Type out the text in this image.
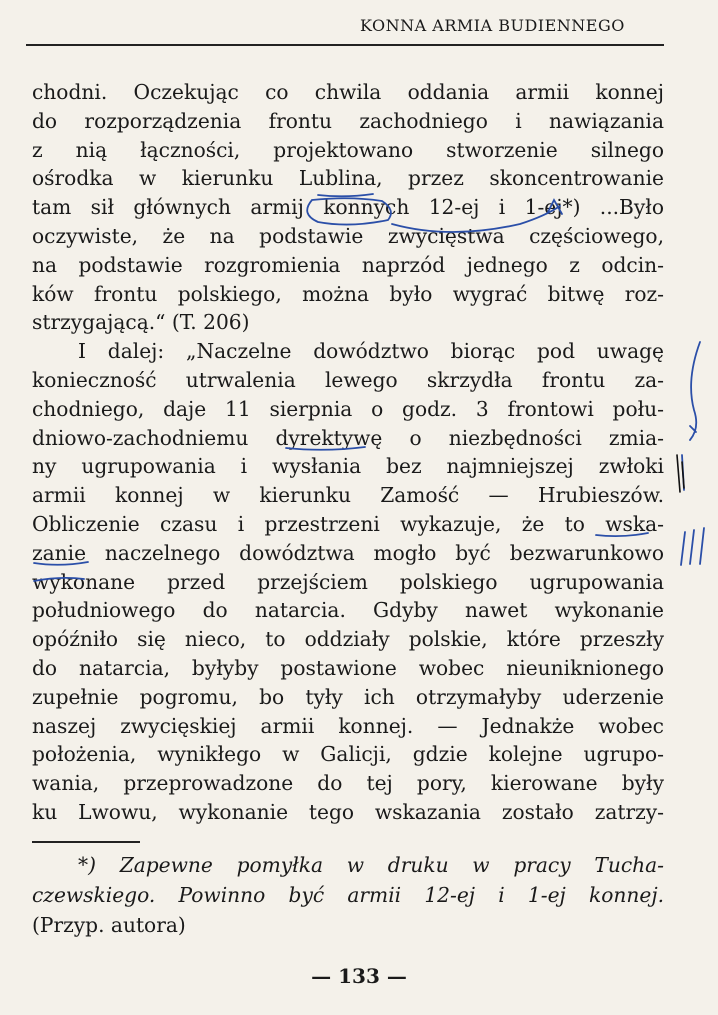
KONNA ARMIA BUDIENNEGO
chodni. Oczekując co chwila oddania armii konnej
do rozporządzenia frontu zachodniego i nawiązania
z nią łączności, projektowano stworzenie silnego
ośrodka w kierunku Lublina, przez skoncentrowanie
tam sił głównych armij konnych 12-ej i 1-ej*) ...Było
oczywiste, że na podstawie zwycięstwa częściowego,
na podstawie rozgromienia naprzód jednego z odcin-
ków frontu polskiego, można było wygrać bitwę roz-
strzygającą.“ (T. 206)
I dalej: „Naczelne dowództwo biorąc pod uwagę
konieczność utrwalenia lewego skrzydła frontu za-
chodniego, daje 11 sierpnia o godz. 3 frontowi połu-
dniowo-zachodniemu dyrektywę o niezbędności zmia-
ny ugrupowania i wysłania bez najmniejszej zwłoki
armii konnej w kierunku Zamość — Hrubieszów.
Obliczenie czasu i przestrzeni wykazuje, że to wska-
zanie naczelnego dowództwa mogło być bezwarunkowo
wykonane przed przejściem polskiego ugrupowania
południowego do natarcia. Gdyby nawet wykonanie
opóźniło się nieco, to oddziały polskie, które przeszły
do natarcia, byłyby postawione wobec nieuniknionego
zupełnie pogromu, bo tyły ich otrzymałyby uderzenie
naszej zwycięskiej armii konnej. — Jednakże wobec
położenia, wynikłego w Galicji, gdzie kolejne ugrupo-
wania, przeprowadzone do tej pory, kierowane były
ku Lwowu, wykonanie tego wskazania zostało zatrzy-
*) Zapewne pomyłka w druku w pracy Tucha-
czewskiego. Powinno być armii 12-ej i 1-ej konnej.
(Przyp. autora)
— 133 —
